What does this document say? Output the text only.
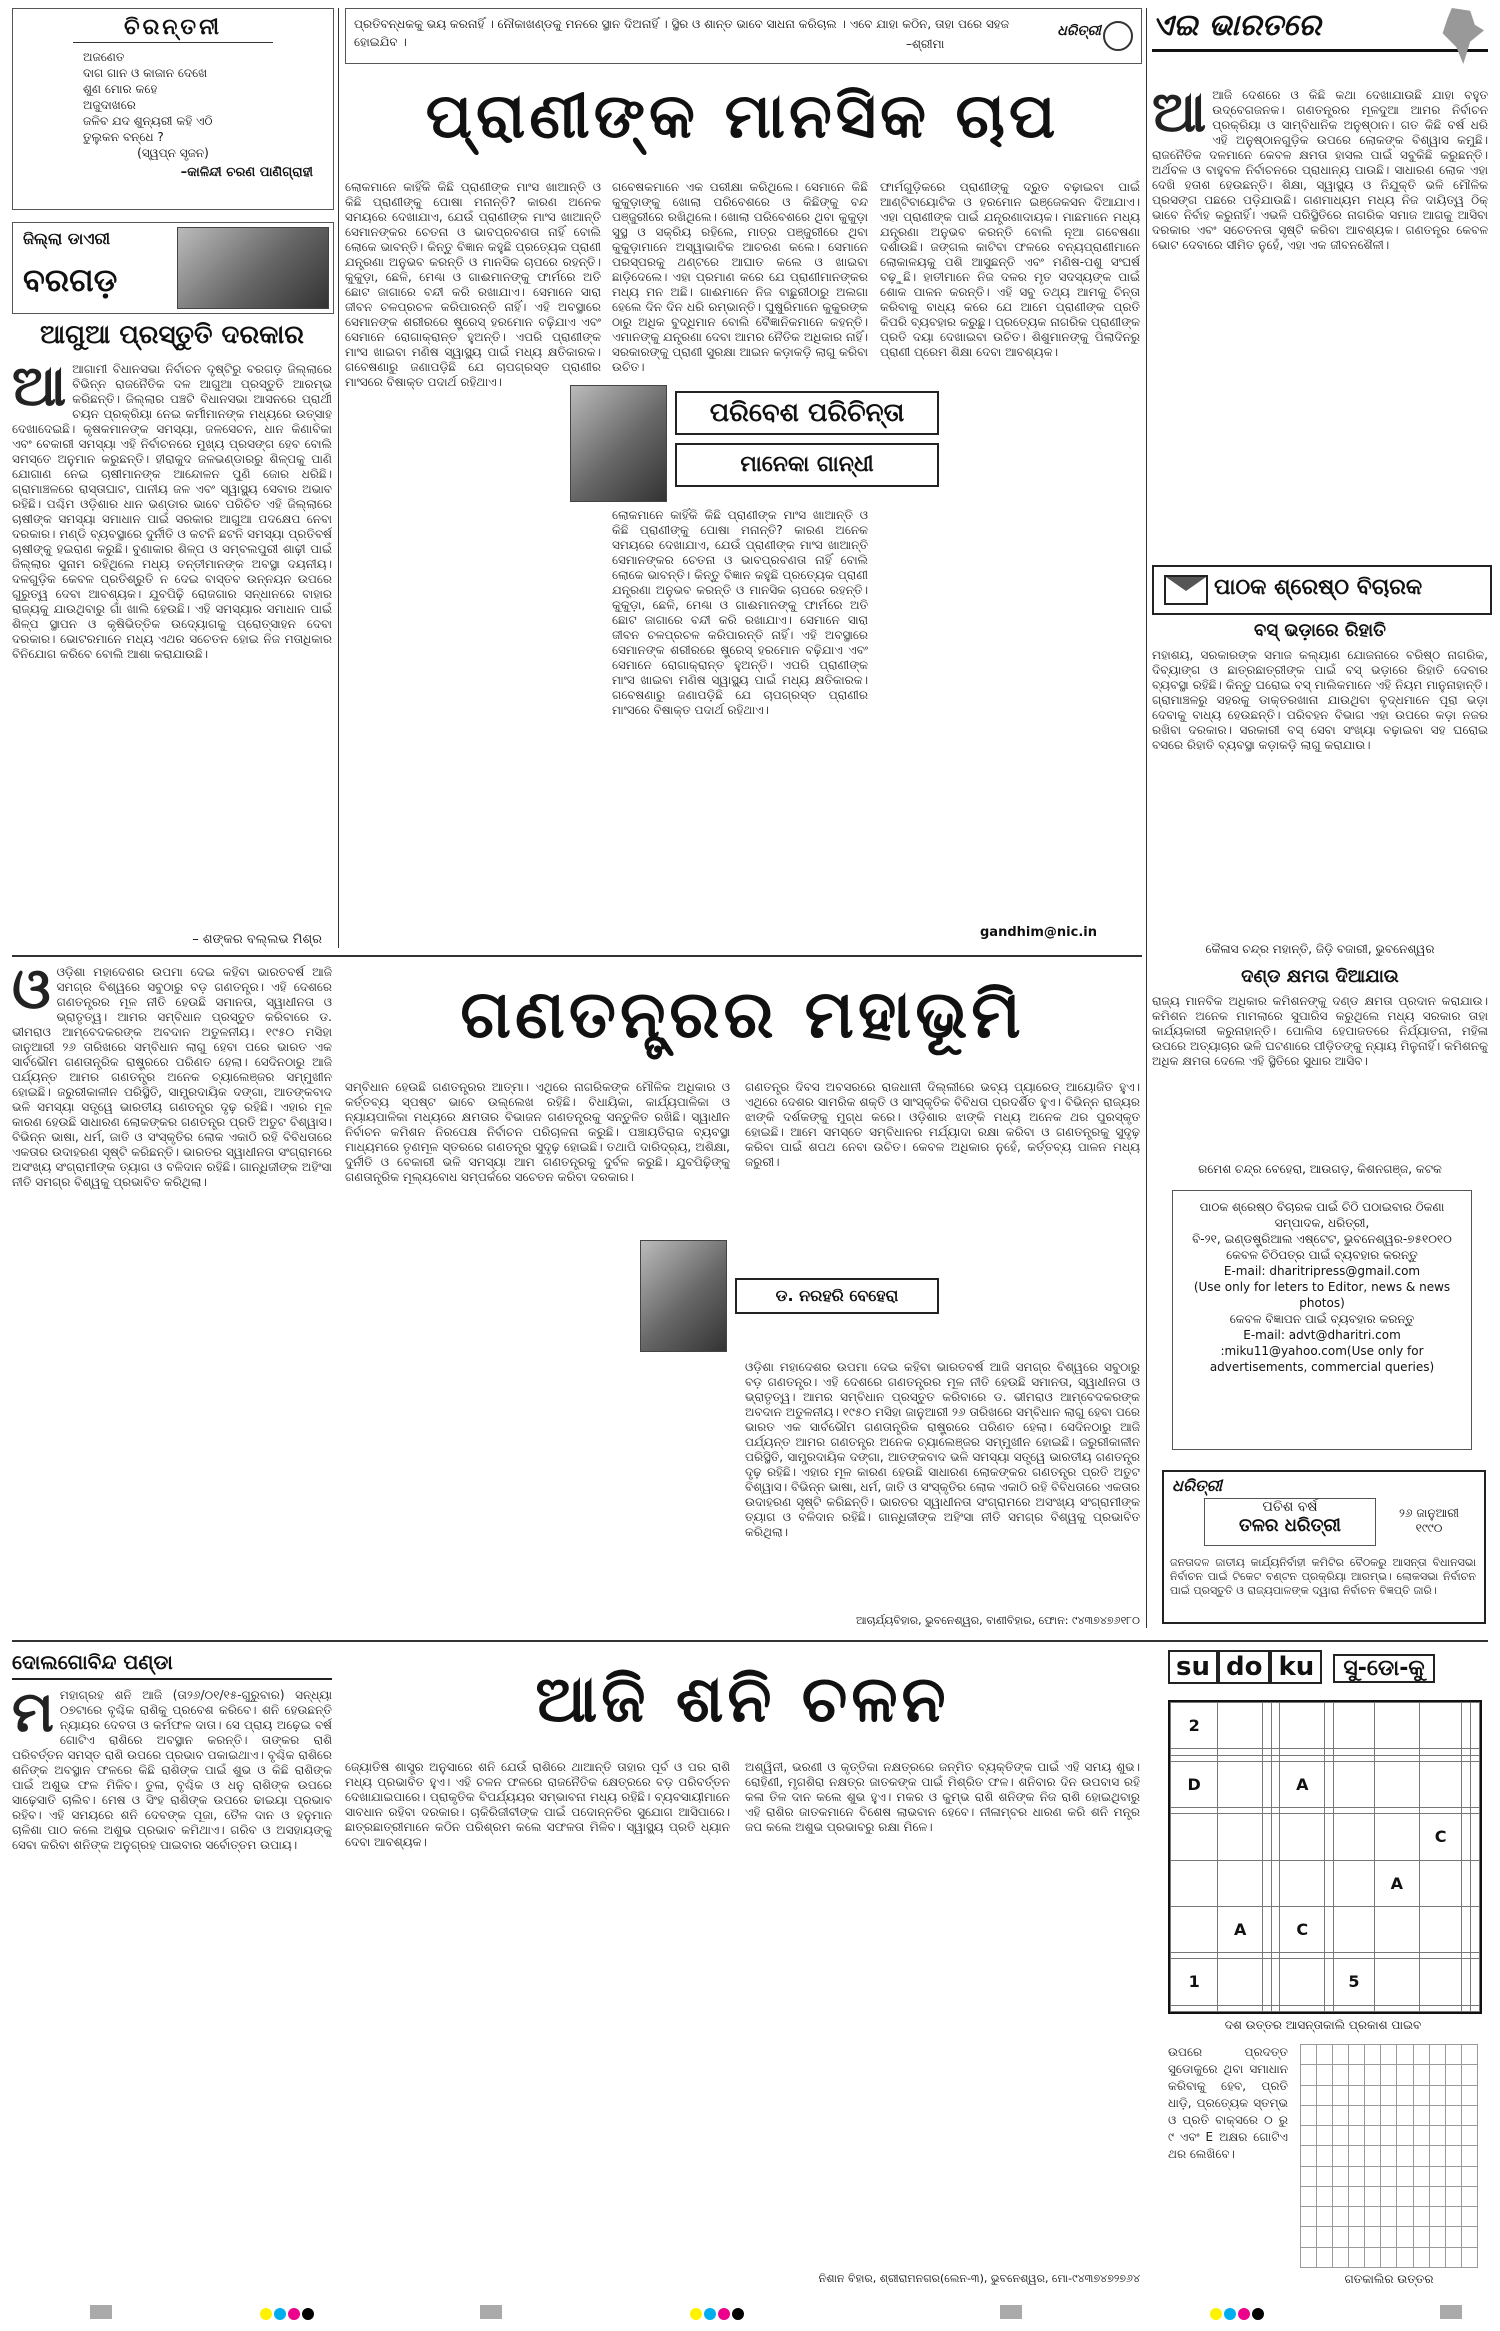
ଚିରନ୍ତନୀ
ଅଜଣେତ
ଦାଗ ଗାନ ଓ କାଜାନ ଦେଖେ
ଶୁଣ ମୋର କହେ
ଅଜୁଦାଖରେ
ଜଳିବ ଯଦ ଶୁନ୍ୟରୀ କହି ଏଠି
ତୁଲୁକନ ବନ୍ଧେ ?
(ସ୍ୱପ୍ନ ସୃଜନ)
–କାଳିନ୍ଦୀ ଚରଣ ପାଣିଗ୍ରାହୀ
ଜିଲ୍ଲା ଡାଏରୀ
ବରଗଡ଼
ଆଗୁଆ ପ୍ରସ୍ତୁତି ଦରକାର
ଆଆଗାମୀ ବିଧାନସଭା ନିର୍ବାଚନ ଦୃଷ୍ଟିରୁ ବରଗଡ଼ ଜିଲ୍ଲାରେ ବିଭିନ୍ନ ରାଜନୈତିକ ଦଳ ଆଗୁଆ ପ୍ରସ୍ତୁତି ଆରମ୍ଭ କରିଛନ୍ତି। ଜିଲ୍ଲାର ପଞ୍ଚଟି ବିଧାନସଭା ଆସନରେ ପ୍ରାର୍ଥୀ ଚୟନ ପ୍ରକ୍ରିୟା ନେଇ କର୍ମୀମାନଙ୍କ ମଧ୍ୟରେ ଉତ୍ସାହ ଦେଖାଦେଇଛି। କୃଷକମାନଙ୍କ ସମସ୍ୟା, ଜଳସେଚନ, ଧାନ କିଣାବିକା ଏବଂ ବେକାରୀ ସମସ୍ୟା ଏହି ନିର୍ବାଚନରେ ମୁଖ୍ୟ ପ୍ରସଙ୍ଗ ହେବ ବୋଲି ସମସ୍ତେ ଅନୁମାନ କରୁଛନ୍ତି। ହୀରାକୁଦ ଜଳଭଣ୍ଡାରରୁ ଶିଳ୍ପକୁ ପାଣି ଯୋଗାଣ ନେଇ ଚାଷୀମାନଙ୍କ ଆନ୍ଦୋଳନ ପୁଣି ଜୋର ଧରିଛି। ଗ୍ରାମାଞ୍ଚଳରେ ରାସ୍ତାଘାଟ, ପାନୀୟ ଜଳ ଏବଂ ସ୍ୱାସ୍ଥ୍ୟ ସେବାର ଅଭାବ ରହିଛି। ପଶ୍ଚିମ ଓଡ଼ିଶାର ଧାନ ଭଣ୍ଡାର ଭାବେ ପରିଚିତ ଏହି ଜିଲ୍ଲାରେ ଚାଷୀଙ୍କ ସମସ୍ୟା ସମାଧାନ ପାଇଁ ସରକାର ଆଗୁଆ ପଦକ୍ଷେପ ନେବା ଦରକାର। ମଣ୍ଡି ବ୍ୟବସ୍ଥାରେ ଦୁର୍ନୀତି ଓ କଟନି ଛଟନି ସମସ୍ୟା ପ୍ରତିବର୍ଷ ଚାଷୀଙ୍କୁ ହଇରାଣ କରୁଛି। ବୁଣାକାର ଶିଳ୍ପ ଓ ସମ୍ବଲପୁରୀ ଶାଢ଼ୀ ପାଇଁ ଜିଲ୍ଲାର ସୁନାମ ରହିଥିଲେ ମଧ୍ୟ ତନ୍ତୀମାନଙ୍କ ଅବସ୍ଥା ଦୟନୀୟ। ଦଳଗୁଡ଼ିକ କେବଳ ପ୍ରତିଶ୍ରୁତି ନ ଦେଇ ବାସ୍ତବ ଉନ୍ନୟନ ଉପରେ ଗୁରୁତ୍ୱ ଦେବା ଆବଶ୍ୟକ। ଯୁବପିଢ଼ି ରୋଜଗାର ସନ୍ଧାନରେ ବାହାର ରାଜ୍ୟକୁ ଯାଉଥିବାରୁ ଗାଁ ଖାଲି ହେଉଛି। ଏହି ସମସ୍ୟାର ସମାଧାନ ପାଇଁ ଶିଳ୍ପ ସ୍ଥାପନ ଓ କୃଷିଭିତ୍ତିକ ଉଦ୍ୟୋଗକୁ ପ୍ରୋତ୍ସାହନ ଦେବା ଦରକାର। ଭୋଟରମାନେ ମଧ୍ୟ ଏଥର ସଚେତନ ହୋଇ ନିଜ ମତାଧିକାର ବିନିଯୋଗ କରିବେ ବୋଲି ଆଶା କରାଯାଉଛି।
– ଶଙ୍କର ବଲ୍ଲଭ ମିଶ୍ର
ପ୍ରତିବନ୍ଧକକୁ ଭୟ କରନାହିଁ । ନୌକାଖଣ୍ଡକୁ ମନରେ ସ୍ଥାନ ଦିଅନାହିଁ । ସ୍ଥିର ଓ ଶାନ୍ତ ଭାବେ ସାଧନା କରିଚାଲ । ଏବେ ଯାହା କଠିନ, ତାହା ପରେ ସହଜ ହୋଇଯିବ ।	–ଶ୍ରୀମା
ଧରିତ୍ରୀ
ପ୍ରାଣୀଙ୍କ ମାନସିକ ଚାପ
ଲୋକମାନେ କାହିଁକି କିଛି ପ୍ରାଣୀଙ୍କ ମାଂସ ଖାଆନ୍ତି ଓ କିଛି ପ୍ରାଣୀଙ୍କୁ ପୋଷା ମନାନ୍ତି? କାରଣ ଅନେକ ସମୟରେ ଦେଖାଯାଏ, ଯେଉଁ ପ୍ରାଣୀଙ୍କ ମାଂସ ଖାଆନ୍ତି ସେମାନଙ୍କର ଚେତନା ଓ ଭାବପ୍ରବଣତା ନାହିଁ ବୋଲି ଲୋକେ ଭାବନ୍ତି। କିନ୍ତୁ ବିଜ୍ଞାନ କହୁଛି ପ୍ରତ୍ୟେକ ପ୍ରାଣୀ ଯନ୍ତ୍ରଣା ଅନୁଭବ କରନ୍ତି ଓ ମାନସିକ ଚାପରେ ରହନ୍ତି। କୁକୁଡ଼ା, ଛେଳି, ମେଣ୍ଢା ଓ ଗାଈମାନଙ୍କୁ ଫାର୍ମରେ ଅତି ଛୋଟ ଜାଗାରେ ବନ୍ଦୀ କରି ରଖାଯାଏ। ସେମାନେ ସାରା ଜୀବନ ଚଳପ୍ରଚଳ କରିପାରନ୍ତି ନାହିଁ। ଏହି ଅବସ୍ଥାରେ ସେମାନଙ୍କ ଶରୀରରେ ଷ୍ଟ୍ରେସ୍ ହରମୋନ ବଢ଼ିଯାଏ ଏବଂ ସେମାନେ ରୋଗାକ୍ରାନ୍ତ ହୁଅନ୍ତି। ଏପରି ପ୍ରାଣୀଙ୍କ ମାଂସ ଖାଇବା ମଣିଷ ସ୍ୱାସ୍ଥ୍ୟ ପାଇଁ ମଧ୍ୟ କ୍ଷତିକାରକ। ଗବେଷଣାରୁ ଜଣାପଡ଼ିଛି ଯେ ଚାପଗ୍ରସ୍ତ ପ୍ରାଣୀର ମାଂସରେ ବିଷାକ୍ତ ପଦାର୍ଥ ରହିଥାଏ।
ଗବେଷକମାନେ ଏକ ପରୀକ୍ଷା କରିଥିଲେ। ସେମାନେ କିଛି କୁକୁଡ଼ାଙ୍କୁ ଖୋଲା ପରିବେଶରେ ଓ କିଛିଙ୍କୁ ବନ୍ଦ ପଞ୍ଜୁରୀରେ ରଖିଥିଲେ। ଖୋଲା ପରିବେଶରେ ଥିବା କୁକୁଡ଼ା ସୁସ୍ଥ ଓ ସକ୍ରିୟ ରହିଲେ, ମାତ୍ର ପଞ୍ଜୁରୀରେ ଥିବା କୁକୁଡ଼ାମାନେ ଅସ୍ୱାଭାବିକ ଆଚରଣ କଲେ। ସେମାନେ ପରସ୍ପରକୁ ଥଣ୍ଟରେ ଆଘାତ କଲେ ଓ ଖାଇବା ଛାଡ଼ିଦେଲେ। ଏହା ପ୍ରମାଣ କରେ ଯେ ପ୍ରାଣୀମାନଙ୍କର ମଧ୍ୟ ମନ ଅଛି। ଗାଈମାନେ ନିଜ ବାଛୁରୀଠାରୁ ଅଲଗା ହେଲେ ଦିନ ଦିନ ଧରି ରମ୍ଭାନ୍ତି। ଘୁଷୁରିମାନେ କୁକୁରଙ୍କ ଠାରୁ ଅଧିକ ବୁଦ୍ଧିମାନ ବୋଲି ବୈଜ୍ଞାନିକମାନେ କହନ୍ତି। ଏମାନଙ୍କୁ ଯନ୍ତ୍ରଣା ଦେବା ଆମର ନୈତିକ ଅଧିକାର ନାହିଁ। ସରକାରଙ୍କୁ ପ୍ରାଣୀ ସୁରକ୍ଷା ଆଇନ କଡ଼ାକଡ଼ି ଲାଗୁ କରିବା ଉଚିତ।
ଫାର୍ମଗୁଡ଼ିକରେ ପ୍ରାଣୀଙ୍କୁ ଦ୍ରୁତ ବଢ଼ାଇବା ପାଇଁ ଆଣ୍ଟିବାୟୋଟିକ ଓ ହରମୋନ ଇଞ୍ଜେକସନ ଦିଆଯାଏ। ଏହା ପ୍ରାଣୀଙ୍କ ପାଇଁ ଯନ୍ତ୍ରଣାଦାୟକ। ମାଛମାନେ ମଧ୍ୟ ଯନ୍ତ୍ରଣା ଅନୁଭବ କରନ୍ତି ବୋଲି ନୂଆ ଗବେଷଣା ଦର୍ଶାଉଛି। ଜଙ୍ଗଲ କାଟିବା ଫଳରେ ବନ୍ୟପ୍ରାଣୀମାନେ ଲୋକାଳୟକୁ ପଶି ଆସୁଛନ୍ତି ଏବଂ ମଣିଷ-ପଶୁ ସଂଘର୍ଷ ବଢ଼ୁଛି। ହାତୀମାନେ ନିଜ ଦଳର ମୃତ ସଦସ୍ୟଙ୍କ ପାଇଁ ଶୋକ ପାଳନ କରନ୍ତି। ଏହି ସବୁ ତଥ୍ୟ ଆମକୁ ଚିନ୍ତା କରିବାକୁ ବାଧ୍ୟ କରେ ଯେ ଆମେ ପ୍ରାଣୀଙ୍କ ପ୍ରତି କିପରି ବ୍ୟବହାର କରୁଛୁ। ପ୍ରତ୍ୟେକ ନାଗରିକ ପ୍ରାଣୀଙ୍କ ପ୍ରତି ଦୟା ଦେଖାଇବା ଉଚିତ। ଶିଶୁମାନଙ୍କୁ ପିଲାଦିନରୁ ପ୍ରାଣୀ ପ୍ରେମ ଶିକ୍ଷା ଦେବା ଆବଶ୍ୟକ।
ପରିବେଶ ପରିଚିନ୍ତା
ମାନେକା ଗାନ୍ଧୀ
ଲୋକମାନେ କାହିଁକି କିଛି ପ୍ରାଣୀଙ୍କ ମାଂସ ଖାଆନ୍ତି ଓ କିଛି ପ୍ରାଣୀଙ୍କୁ ପୋଷା ମନାନ୍ତି? କାରଣ ଅନେକ ସମୟରେ ଦେଖାଯାଏ, ଯେଉଁ ପ୍ରାଣୀଙ୍କ ମାଂସ ଖାଆନ୍ତି ସେମାନଙ୍କର ଚେତନା ଓ ଭାବପ୍ରବଣତା ନାହିଁ ବୋଲି ଲୋକେ ଭାବନ୍ତି। କିନ୍ତୁ ବିଜ୍ଞାନ କହୁଛି ପ୍ରତ୍ୟେକ ପ୍ରାଣୀ ଯନ୍ତ୍ରଣା ଅନୁଭବ କରନ୍ତି ଓ ମାନସିକ ଚାପରେ ରହନ୍ତି। କୁକୁଡ଼ା, ଛେଳି, ମେଣ୍ଢା ଓ ଗାଈମାନଙ୍କୁ ଫାର୍ମରେ ଅତି ଛୋଟ ଜାଗାରେ ବନ୍ଦୀ କରି ରଖାଯାଏ। ସେମାନେ ସାରା ଜୀବନ ଚଳପ୍ରଚଳ କରିପାରନ୍ତି ନାହିଁ। ଏହି ଅବସ୍ଥାରେ ସେମାନଙ୍କ ଶରୀରରେ ଷ୍ଟ୍ରେସ୍ ହରମୋନ ବଢ଼ିଯାଏ ଏବଂ ସେମାନେ ରୋଗାକ୍ରାନ୍ତ ହୁଅନ୍ତି। ଏପରି ପ୍ରାଣୀଙ୍କ ମାଂସ ଖାଇବା ମଣିଷ ସ୍ୱାସ୍ଥ୍ୟ ପାଇଁ ମଧ୍ୟ କ୍ଷତିକାରକ। ଗବେଷଣାରୁ ଜଣାପଡ଼ିଛି ଯେ ଚାପଗ୍ରସ୍ତ ପ୍ରାଣୀର ମାଂସରେ ବିଷାକ୍ତ ପଦାର୍ଥ ରହିଥାଏ।
gandhim@nic.in
ଏଇ ଭାରତରେ
ଆଆଜି ଦେଶରେ ଓ କିଛି କଥା ଦେଖାଯାଉଛି ଯାହା ବହୁତ ଉଦ୍‌ବେଗଜନକ। ଗଣତନ୍ତ୍ରର ମୂଳଦୁଆ ଆମର ନିର୍ବାଚନ ପ୍ରକ୍ରିୟା ଓ ସାମ୍ବିଧାନିକ ଅନୁଷ୍ଠାନ। ଗତ କିଛି ବର୍ଷ ଧରି ଏହି ଅନୁଷ୍ଠାନଗୁଡ଼ିକ ଉପରେ ଲୋକଙ୍କ ବିଶ୍ୱାସ କମୁଛି। ରାଜନୈତିକ ଦଳମାନେ କେବଳ କ୍ଷମତା ହାସଲ ପାଇଁ ସବୁକିଛି କରୁଛନ୍ତି। ଅର୍ଥବଳ ଓ ବାହୁବଳ ନିର୍ବାଚନରେ ପ୍ରାଧାନ୍ୟ ପାଉଛି। ସାଧାରଣ ଲୋକ ଏହା ଦେଖି ହତାଶ ହେଉଛନ୍ତି। ଶିକ୍ଷା, ସ୍ୱାସ୍ଥ୍ୟ ଓ ନିଯୁକ୍ତି ଭଳି ମୌଳିକ ପ୍ରସଙ୍ଗ ପଛରେ ପଡ଼ିଯାଉଛି। ଗଣମାଧ୍ୟମ ମଧ୍ୟ ନିଜ ଦାୟିତ୍ୱ ଠିକ୍ ଭାବେ ନିର୍ବାହ କରୁନାହିଁ। ଏଭଳି ପରିସ୍ଥିତିରେ ନାଗରିକ ସମାଜ ଆଗକୁ ଆସିବା ଦରକାର ଏବଂ ସଚେତନତା ସୃଷ୍ଟି କରିବା ଆବଶ୍ୟକ। ଗଣତନ୍ତ୍ର କେବଳ ଭୋଟ ଦେବାରେ ସୀମିତ ନୁହେଁ, ଏହା ଏକ ଜୀବନଶୈଳୀ।
ପାଠକ ଶ୍ରେଷ୍ଠ ବିଚାରକ
ବସ୍ ଭଡ଼ାରେ ରିହାତି
ମହାଶୟ, ସରକାରଙ୍କ ସମାଜ କଲ୍ୟାଣ ଯୋଜନାରେ ବରିଷ୍ଠ ନାଗରିକ, ଦିବ୍ୟାଙ୍ଗ ଓ ଛାତ୍ରଛାତ୍ରୀଙ୍କ ପାଇଁ ବସ୍ ଭଡ଼ାରେ ରିହାତି ଦେବାର ବ୍ୟବସ୍ଥା ରହିଛି। କିନ୍ତୁ ଘରୋଇ ବସ୍ ମାଲିକମାନେ ଏହି ନିୟମ ମାନୁନାହାନ୍ତି। ଗ୍ରାମାଞ୍ଚଳରୁ ସହରକୁ ଡାକ୍ତରଖାନା ଯାଉଥିବା ବୃଦ୍ଧମାନେ ପୂରା ଭଡ଼ା ଦେବାକୁ ବାଧ୍ୟ ହେଉଛନ୍ତି। ପରିବହନ ବିଭାଗ ଏହା ଉପରେ କଡ଼ା ନଜର ରଖିବା ଦରକାର। ସରକାରୀ ବସ୍ ସେବା ସଂଖ୍ୟା ବଢ଼ାଇବା ସହ ଘରୋଇ ବସରେ ରିହାତି ବ୍ୟବସ୍ଥା କଡ଼ାକଡ଼ି ଲାଗୁ କରାଯାଉ।
କୈଳାସ ଚନ୍ଦ୍ର ମହାନ୍ତି, ଜିଡ଼ି ବଜାରୀ, ଭୁବନେଶ୍ୱର
ଦଣ୍ଡ କ୍ଷମତା ଦିଆଯାଉ
ରାଜ୍ୟ ମାନବିକ ଅଧିକାର କମିଶନଙ୍କୁ ଦଣ୍ଡ କ୍ଷମତା ପ୍ରଦାନ କରାଯାଉ। କମିଶନ ଅନେକ ମାମଲାରେ ସୁପାରିସ କରୁଥିଲେ ମଧ୍ୟ ସରକାର ତାହା କାର୍ଯ୍ୟକାରୀ କରୁନାହାନ୍ତି। ପୋଲିସ ହେପାଜତରେ ନିର୍ଯ୍ୟାତନା, ମହିଳା ଉପରେ ଅତ୍ୟାଚାର ଭଳି ଘଟଣାରେ ପୀଡ଼ିତଙ୍କୁ ନ୍ୟାୟ ମିଳୁନାହିଁ। କମିଶନକୁ ଅଧିକ କ୍ଷମତା ଦେଲେ ଏହି ସ୍ଥିତିରେ ସୁଧାର ଆସିବ।
ରମେଶ ଚନ୍ଦ୍ର ବେହେରା, ଆଉଗଡ଼, କିଶନଗଞ୍ଜ, କଟକ
ପାଠକ ଶ୍ରେଷ୍ଠ ବିଚାରକ ପାଇଁ ଚିଠି ପଠାଇବାର ଠିକଣା
ସମ୍ପାଦକ, ଧରିତ୍ରୀ,
ବି-୨୧, ଇଣ୍ଡଷ୍ଟ୍ରିଆଲ ଏଷ୍ଟେଟ, ଭୁବନେଶ୍ୱର-୭୫୧୦୧୦
କେବଳ ଚିଠିପତ୍ର ପାଇଁ ବ୍ୟବହାର କରନ୍ତୁ
E-mail: dharitripress@gmail.com
(Use only for leters to Editor, news & news photos)
କେବଳ ବିଜ୍ଞାପନ ପାଇଁ ବ୍ୟବହାର କରନ୍ତୁ
E-mail: advt@dharitri.com
:miku11@yahoo.com(Use only for advertisements, commercial queries)
ଧରିତ୍ରୀ
ପଚିଶ ବର୍ଷ
ତଳର ଧରିତ୍ରୀ
୨୬ ଜାନୁଆରୀ ୧୯୯୦
ଜନତାଦଳ ଜାତୀୟ କାର୍ଯ୍ୟନିର୍ବାହୀ କମିଟିର ବୈଠକରୁ ଆସନ୍ତା ବିଧାନସଭା ନିର୍ବାଚନ ପାଇଁ ଟିକେଟ ବଣ୍ଟନ ପ୍ରକ୍ରିୟା ଆରମ୍ଭ। ଲୋକସଭା ନିର୍ବାଚନ ପାଇଁ ପ୍ରସ୍ତୁତି ଓ ରାଜ୍ୟପାଳଙ୍କ ଦ୍ୱାରା ନିର୍ବାଚନ ବିଜ୍ଞପ୍ତି ଜାରି।
ଓଓଡ଼ିଶା ମହାଦେଶର ଉପମା ଦେଇ କହିବା ଭାରତବର୍ଷ ଆଜି ସମଗ୍ର ବିଶ୍ୱରେ ସବୁଠାରୁ ବଡ଼ ଗଣତନ୍ତ୍ର। ଏହି ଦେଶରେ ଗଣତନ୍ତ୍ରର ମୂଳ ନୀତି ହେଉଛି ସମାନତା, ସ୍ୱାଧୀନତା ଓ ଭ୍ରାତୃତ୍ୱ। ଆମର ସମ୍ବିଧାନ ପ୍ରସ୍ତୁତ କରିବାରେ ଡ. ଭୀମରାଓ ଆମ୍ବେଦକରଙ୍କ ଅବଦାନ ଅତୁଳନୀୟ। ୧୯୫୦ ମସିହା ଜାନୁଆରୀ ୨୬ ତାରିଖରେ ସମ୍ବିଧାନ ଲାଗୁ ହେବା ପରେ ଭାରତ ଏକ ସାର୍ବଭୌମ ଗଣତାନ୍ତ୍ରିକ ରାଷ୍ଟ୍ରରେ ପରିଣତ ହେଲା। ସେଦିନଠାରୁ ଆଜି ପର୍ଯ୍ୟନ୍ତ ଆମର ଗଣତନ୍ତ୍ର ଅନେକ ଚ୍ୟାଲେଞ୍ଜର ସମ୍ମୁଖୀନ ହୋଇଛି। ଜରୁରୀକାଳୀନ ପରିସ୍ଥିତି, ସାମ୍ପ୍ରଦାୟିକ ଦଙ୍ଗା, ଆତଙ୍କବାଦ ଭଳି ସମସ୍ୟା ସତ୍ତ୍ୱେ ଭାରତୀୟ ଗଣତନ୍ତ୍ର ଦୃଢ଼ ରହିଛି। ଏହାର ମୂଳ କାରଣ ହେଉଛି ସାଧାରଣ ଲୋକଙ୍କର ଗଣତନ୍ତ୍ର ପ୍ରତି ଅତୁଟ ବିଶ୍ୱାସ। ବିଭିନ୍ନ ଭାଷା, ଧର୍ମ, ଜାତି ଓ ସଂସ୍କୃତିର ଲୋକ ଏକାଠି ରହି ବିବିଧତାରେ ଏକତାର ଉଦାହରଣ ସୃଷ୍ଟି କରିଛନ୍ତି। ଭାରତର ସ୍ୱାଧୀନତା ସଂଗ୍ରାମରେ ଅସଂଖ୍ୟ ସଂଗ୍ରାମୀଙ୍କ ତ୍ୟାଗ ଓ ବଳିଦାନ ରହିଛି। ଗାନ୍ଧିଜୀଙ୍କ ଅହିଂସା ନୀତି ସମଗ୍ର ବିଶ୍ୱକୁ ପ୍ରଭାବିତ କରିଥିଲା।
ଗଣତନ୍ତ୍ରର ମହାଭୂମି
ସମ୍ବିଧାନ ହେଉଛି ଗଣତନ୍ତ୍ରର ଆତ୍ମା। ଏଥିରେ ନାଗରିକଙ୍କ ମୌଳିକ ଅଧିକାର ଓ କର୍ତ୍ତବ୍ୟ ସ୍ପଷ୍ଟ ଭାବେ ଉଲ୍ଲେଖ ରହିଛି। ବିଧାୟିକା, କାର୍ଯ୍ୟପାଳିକା ଓ ନ୍ୟାୟପାଳିକା ମଧ୍ୟରେ କ୍ଷମତାର ବିଭାଜନ ଗଣତନ୍ତ୍ରକୁ ସନ୍ତୁଳିତ ରଖିଛି। ସ୍ୱାଧୀନ ନିର୍ବାଚନ କମିଶନ ନିରପେକ୍ଷ ନିର୍ବାଚନ ପରିଚାଳନା କରୁଛି। ପଞ୍ଚାୟତିରାଜ ବ୍ୟବସ୍ଥା ମାଧ୍ୟମରେ ତୃଣମୂଳ ସ୍ତରରେ ଗଣତନ୍ତ୍ର ସୁଦୃଢ଼ ହୋଇଛି। ତଥାପି ଦାରିଦ୍ର୍ୟ, ଅଶିକ୍ଷା, ଦୁର୍ନୀତି ଓ ବେକାରୀ ଭଳି ସମସ୍ୟା ଆମ ଗଣତନ୍ତ୍ରକୁ ଦୁର୍ବଳ କରୁଛି। ଯୁବପିଢ଼ିଙ୍କୁ ଗଣତାନ୍ତ୍ରିକ ମୂଲ୍ୟବୋଧ ସମ୍ପର୍କରେ ସଚେତନ କରିବା ଦରକାର।
ଗଣତନ୍ତ୍ର ଦିବସ ଅବସରରେ ରାଜଧାନୀ ଦିଲ୍ଲୀରେ ଭବ୍ୟ ପ୍ୟାରେଡ୍ ଆୟୋଜିତ ହୁଏ। ଏଥିରେ ଦେଶର ସାମରିକ ଶକ୍ତି ଓ ସାଂସ୍କୃତିକ ବିବିଧତା ପ୍ରଦର୍ଶିତ ହୁଏ। ବିଭିନ୍ନ ରାଜ୍ୟର ଝାଙ୍କି ଦର୍ଶକଙ୍କୁ ମୁଗ୍ଧ କରେ। ଓଡ଼ିଶାର ଝାଙ୍କି ମଧ୍ୟ ଅନେକ ଥର ପୁରସ୍କୃତ ହୋଇଛି। ଆମେ ସମସ୍ତେ ସମ୍ବିଧାନର ମର୍ଯ୍ୟାଦା ରକ୍ଷା କରିବା ଓ ଗଣତନ୍ତ୍ରକୁ ସୁଦୃଢ଼ କରିବା ପାଇଁ ଶପଥ ନେବା ଉଚିତ। କେବଳ ଅଧିକାର ନୁହେଁ, କର୍ତ୍ତବ୍ୟ ପାଳନ ମଧ୍ୟ ଜରୁରୀ।
ଡ. ନରହରି ବେହେରା
ଓଡ଼ିଶା ମହାଦେଶର ଉପମା ଦେଇ କହିବା ଭାରତବର୍ଷ ଆଜି ସମଗ୍ର ବିଶ୍ୱରେ ସବୁଠାରୁ ବଡ଼ ଗଣତନ୍ତ୍ର। ଏହି ଦେଶରେ ଗଣତନ୍ତ୍ରର ମୂଳ ନୀତି ହେଉଛି ସମାନତା, ସ୍ୱାଧୀନତା ଓ ଭ୍ରାତୃତ୍ୱ। ଆମର ସମ୍ବିଧାନ ପ୍ରସ୍ତୁତ କରିବାରେ ଡ. ଭୀମରାଓ ଆମ୍ବେଦକରଙ୍କ ଅବଦାନ ଅତୁଳନୀୟ। ୧୯୫୦ ମସିହା ଜାନୁଆରୀ ୨୬ ତାରିଖରେ ସମ୍ବିଧାନ ଲାଗୁ ହେବା ପରେ ଭାରତ ଏକ ସାର୍ବଭୌମ ଗଣତାନ୍ତ୍ରିକ ରାଷ୍ଟ୍ରରେ ପରିଣତ ହେଲା। ସେଦିନଠାରୁ ଆଜି ପର୍ଯ୍ୟନ୍ତ ଆମର ଗଣତନ୍ତ୍ର ଅନେକ ଚ୍ୟାଲେଞ୍ଜର ସମ୍ମୁଖୀନ ହୋଇଛି। ଜରୁରୀକାଳୀନ ପରିସ୍ଥିତି, ସାମ୍ପ୍ରଦାୟିକ ଦଙ୍ଗା, ଆତଙ୍କବାଦ ଭଳି ସମସ୍ୟା ସତ୍ତ୍ୱେ ଭାରତୀୟ ଗଣତନ୍ତ୍ର ଦୃଢ଼ ରହିଛି। ଏହାର ମୂଳ କାରଣ ହେଉଛି ସାଧାରଣ ଲୋକଙ୍କର ଗଣତନ୍ତ୍ର ପ୍ରତି ଅତୁଟ ବିଶ୍ୱାସ। ବିଭିନ୍ନ ଭାଷା, ଧର୍ମ, ଜାତି ଓ ସଂସ୍କୃତିର ଲୋକ ଏକାଠି ରହି ବିବିଧତାରେ ଏକତାର ଉଦାହରଣ ସୃଷ୍ଟି କରିଛନ୍ତି। ଭାରତର ସ୍ୱାଧୀନତା ସଂଗ୍ରାମରେ ଅସଂଖ୍ୟ ସଂଗ୍ରାମୀଙ୍କ ତ୍ୟାଗ ଓ ବଳିଦାନ ରହିଛି। ଗାନ୍ଧିଜୀଙ୍କ ଅହିଂସା ନୀତି ସମଗ୍ର ବିଶ୍ୱକୁ ପ୍ରଭାବିତ କରିଥିଲା।
ଆଚାର୍ଯ୍ୟବିହାର, ଭୁବନେଶ୍ୱର, ବାଣୀବିହାର, ଫୋନ: ୯୪୩୭୪୭୬୧୮୦
ଦୋଲଗୋବିନ୍ଦ ପଣ୍ଡା
ମମହାଗ୍ରହ ଶନି ଆଜି (ତା୨୬/୦୧/୧୫-ଗୁରୁବାର) ସନ୍ଧ୍ୟା ୦୭ଟାରେ ବୃଶ୍ଚିକ ରାଶିକୁ ପ୍ରବେଶ କରିବେ। ଶନି ହେଉଛନ୍ତି ନ୍ୟାୟର ଦେବତା ଓ କର୍ମଫଳ ଦାତା। ସେ ପ୍ରାୟ ଅଢ଼େଇ ବର୍ଷ ଗୋଟିଏ ରାଶିରେ ଅବସ୍ଥାନ କରନ୍ତି। ତାଙ୍କର ରାଶି ପରିବର୍ତ୍ତନ ସମସ୍ତ ରାଶି ଉପରେ ପ୍ରଭାବ ପକାଇଥାଏ। ବୃଶ୍ଚିକ ରାଶିରେ ଶନିଙ୍କ ଅବସ୍ଥାନ ଫଳରେ କିଛି ରାଶିଙ୍କ ପାଇଁ ଶୁଭ ଓ କିଛି ରାଶିଙ୍କ ପାଇଁ ଅଶୁଭ ଫଳ ମିଳିବ। ତୁଳା, ବୃଶ୍ଚିକ ଓ ଧନୁ ରାଶିଙ୍କ ଉପରେ ସାଢ଼େସାତି ଚାଲିବ। ମେଷ ଓ ସିଂହ ରାଶିଙ୍କ ଉପରେ ଢାଇୟା ପ୍ରଭାବ ରହିବ। ଏହି ସମୟରେ ଶନି ଦେବଙ୍କ ପୂଜା, ତୈଳ ଦାନ ଓ ହନୁମାନ ଚାଳିଶା ପାଠ କଲେ ଅଶୁଭ ପ୍ରଭାବ କମିଥାଏ। ଗରିବ ଓ ଅସହାୟଙ୍କୁ ସେବା କରିବା ଶନିଙ୍କ ଅନୁଗ୍ରହ ପାଇବାର ସର୍ବୋତ୍ତମ ଉପାୟ।
ଆଜି ଶନି ଚଳନ
ଜ୍ୟୋତିଷ ଶାସ୍ତ୍ର ଅନୁସାରେ ଶନି ଯେଉଁ ରାଶିରେ ଥାଆନ୍ତି ତାହାର ପୂର୍ବ ଓ ପର ରାଶି ମଧ୍ୟ ପ୍ରଭାବିତ ହୁଏ। ଏହି ଚଳନ ଫଳରେ ରାଜନୈତିକ କ୍ଷେତ୍ରରେ ବଡ଼ ପରିବର୍ତ୍ତନ ଦେଖାଯାଇପାରେ। ପ୍ରାକୃତିକ ବିପର୍ଯ୍ୟୟର ସମ୍ଭାବନା ମଧ୍ୟ ରହିଛି। ବ୍ୟବସାୟୀମାନେ ସାବଧାନ ରହିବା ଦରକାର। ଚାକିରିଜୀବୀଙ୍କ ପାଇଁ ପଦୋନ୍ନତିର ସୁଯୋଗ ଆସିପାରେ। ଛାତ୍ରଛାତ୍ରୀମାନେ କଠିନ ପରିଶ୍ରମ କଲେ ସଫଳତା ମିଳିବ। ସ୍ୱାସ୍ଥ୍ୟ ପ୍ରତି ଧ୍ୟାନ ଦେବା ଆବଶ୍ୟକ।
ଅଶ୍ୱିନୀ, ଭରଣୀ ଓ କୃତ୍ତିକା ନକ୍ଷତ୍ରରେ ଜନ୍ମିତ ବ୍ୟକ୍ତିଙ୍କ ପାଇଁ ଏହି ସମୟ ଶୁଭ। ରୋହିଣୀ, ମୃଗଶିରା ନକ୍ଷତ୍ର ଜାତକଙ୍କ ପାଇଁ ମିଶ୍ରିତ ଫଳ। ଶନିବାର ଦିନ ଉପବାସ ରହି କଳା ତିଳ ଦାନ କଲେ ଶୁଭ ହୁଏ। ମକର ଓ କୁମ୍ଭ ରାଶି ଶନିଙ୍କ ନିଜ ରାଶି ହୋଇଥିବାରୁ ଏହି ରାଶିର ଜାତକମାନେ ବିଶେଷ ଲାଭବାନ ହେବେ। ନୀଳାମ୍ବର ଧାରଣ କରି ଶନି ମନ୍ତ୍ର ଜପ କଲେ ଅଶୁଭ ପ୍ରଭାବରୁ ରକ୍ଷା ମିଳେ।
ନିଶାନ ବିହାର, ଶ୍ରୀରାମନଗର(ଲେନ-୩), ଭୁବନେଶ୍ୱର, ମୋ-୯୪୩୭୪୭୨୭୬୪
su do ku ସୁ-ଡୋ-କୁ
2										

D				A						

								C		
							A			
	A			C						

1						5				

ଦଶ ଉତ୍ତର ଆସନ୍ତାକାଲି ପ୍ରକାଶ ପାଇବ
ଉପରେ ପ୍ରଦତ୍ତ ସୁଡୋକୁରେ ଥିବା ସମାଧାନ କରିବାକୁ ହେବ, ପ୍ରତି ଧାଡ଼ି, ପ୍ରତ୍ୟେକ ସ୍ତମ୍ଭ ଓ ପ୍ରତି ବାକ୍ସରେ ୦ ରୁ ୯ ଏବଂ E ଅକ୍ଷର ଗୋଟିଏ ଥର ଲେଖିବେ।

ଗତକାଲିର ଉତ୍ତର
